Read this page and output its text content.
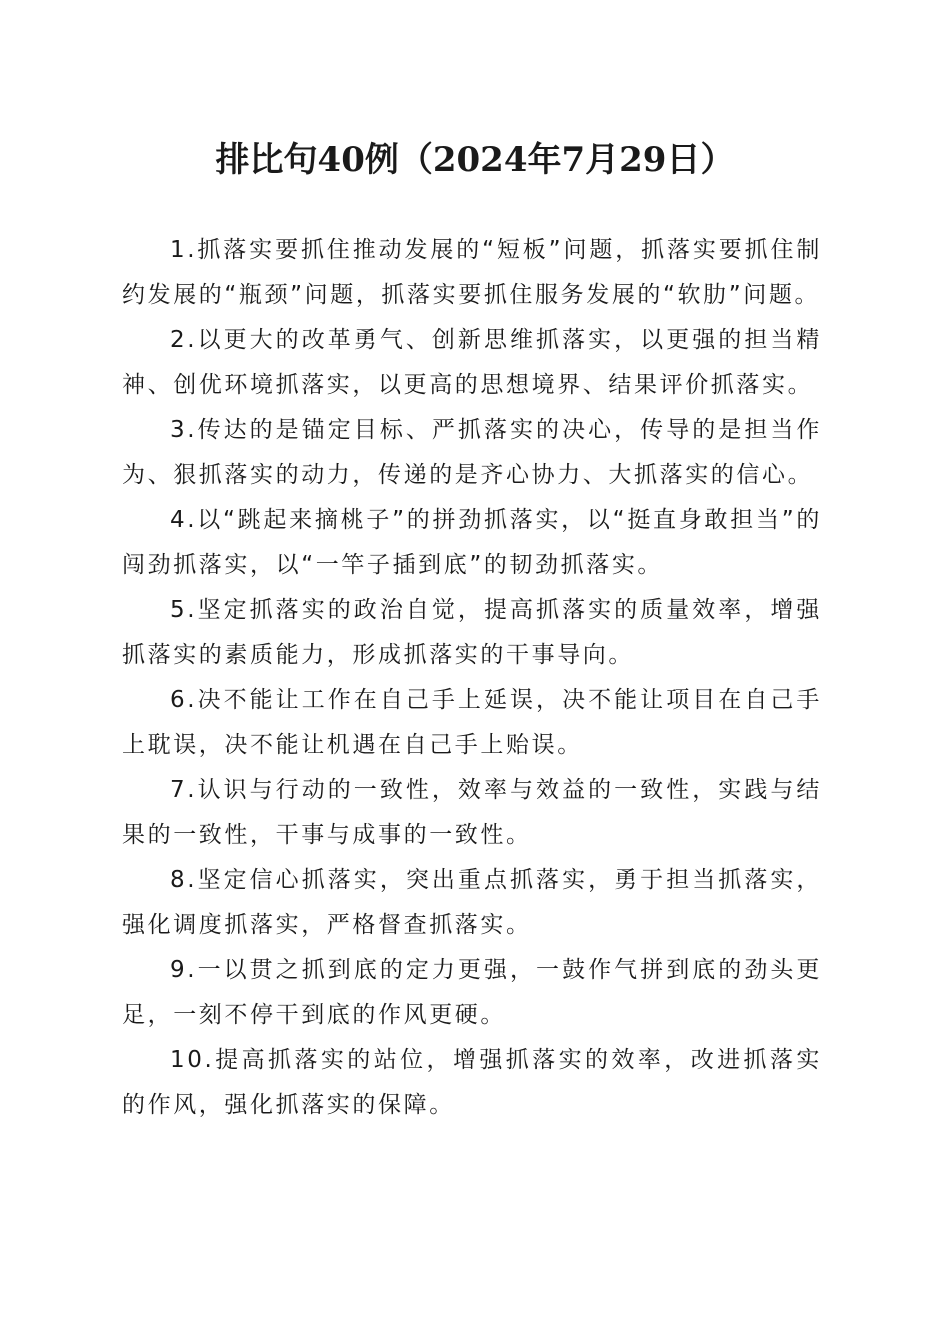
排比句40例（2024年7月29日）

1.抓落实要抓住推动发展的“短板”问题，抓落实要抓住制约发展的“瓶颈”问题，抓落实要抓住服务发展的“软肋”问题。

2.以更大的改革勇气、创新思维抓落实，以更强的担当精神、创优环境抓落实，以更高的思想境界、结果评价抓落实。

3.传达的是锚定目标、严抓落实的决心，传导的是担当作为、狠抓落实的动力，传递的是齐心协力、大抓落实的信心。

4.以“跳起来摘桃子”的拼劲抓落实，以“挺直身敢担当”的闯劲抓落实，以“一竿子插到底”的韧劲抓落实。

5.坚定抓落实的政治自觉，提高抓落实的质量效率，增强抓落实的素质能力，形成抓落实的干事导向。

6.决不能让工作在自己手上延误，决不能让项目在自己手上耽误，决不能让机遇在自己手上贻误。

7.认识与行动的一致性，效率与效益的一致性，实践与结果的一致性，干事与成事的一致性。

8.坚定信心抓落实，突出重点抓落实，勇于担当抓落实，强化调度抓落实，严格督查抓落实。

9.一以贯之抓到底的定力更强，一鼓作气拼到底的劲头更足，一刻不停干到底的作风更硬。

10.提高抓落实的站位，增强抓落实的效率，改进抓落实的作风，强化抓落实的保障。
